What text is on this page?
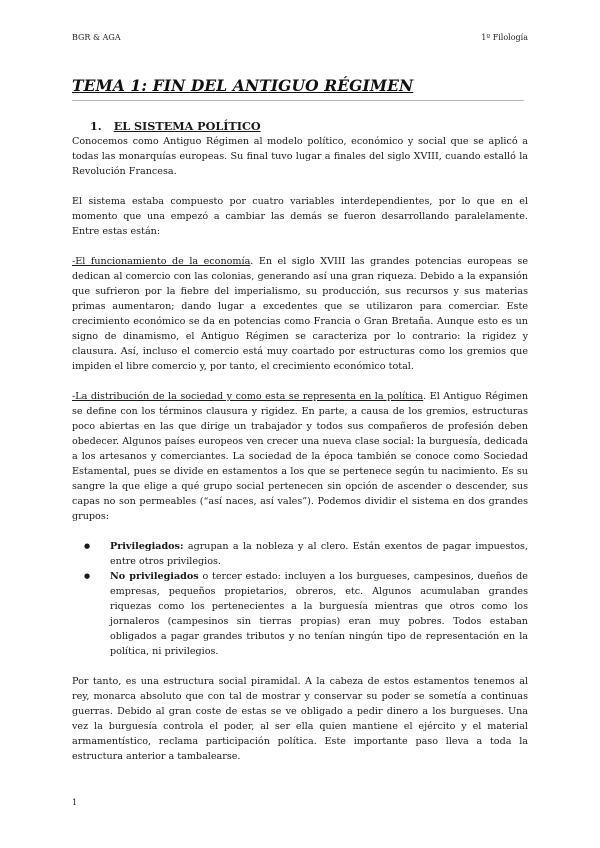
BGR & AGA	1º Filología
TEMA 1: FIN DEL ANTIGUO RÉGIMEN
1. EL SISTEMA POLÍTICO

Conocemos como Antiguo Régimen al modelo político, económico y social que se aplicó a todas las monarquías europeas. Su final tuvo lugar a finales del siglo XVIII, cuando estalló la Revolución Francesa.

El sistema estaba compuesto por cuatro variables interdependientes, por lo que en el momento que una empezó a cambiar las demás se fueron desarrollando paralelamente. Entre estas están:

-El funcionamiento de la economía. En el siglo XVIII las grandes potencias europeas se dedican al comercio con las colonias, generando así una gran riqueza. Debido a la expansión que sufrieron por la fiebre del imperialismo, su producción, sus recursos y sus materias primas aumentaron; dando lugar a excedentes que se utilizaron para comerciar. Este crecimiento económico se da en potencias como Francia o Gran Bretaña. Aunque esto es un signo de dinamismo, el Antiguo Régimen se caracteriza por lo contrario: la rigidez y clausura. Así, incluso el comercio está muy coartado por estructuras como los gremios que impiden el libre comercio y, por tanto, el crecimiento económico total.

-La distribución de la sociedad y como esta se representa en la política. El Antiguo Régimen se define con los términos clausura y rigidez. En parte, a causa de los gremios, estructuras poco abiertas en las que dirige un trabajador y todos sus compañeros de profesión deben obedecer. Algunos países europeos ven crecer una nueva clase social: la burguesía, dedicada a los artesanos y comerciantes. La sociedad de la época también se conoce como Sociedad Estamental, pues se divide en estamentos a los que se pertenece según tu nacimiento. Es su sangre la que elige a qué grupo social pertenecen sin opción de ascender o descender, sus capas no son permeables (“así naces, así vales”). Podemos dividir el sistema en dos grandes grupos:

● Privilegiados: agrupan a la nobleza y al clero. Están exentos de pagar impuestos, entre otros privilegios.
● No privilegiados o tercer estado: incluyen a los burgueses, campesinos, dueños de empresas, pequeños propietarios, obreros, etc. Algunos acumulaban grandes riquezas como los pertenecientes a la burguesía mientras que otros como los jornaleros (campesinos sin tierras propias) eran muy pobres. Todos estaban obligados a pagar grandes tributos y no tenían ningún tipo de representación en la política, ni privilegios.

Por tanto, es una estructura social piramidal. A la cabeza de estos estamentos tenemos al rey, monarca absoluto que con tal de mostrar y conservar su poder se sometía a continuas guerras. Debido al gran coste de estas se ve obligado a pedir dinero a los burgueses. Una vez la burguesía controla el poder, al ser ella quien mantiene el ejército y el material armamentístico, reclama participación política. Este importante paso lleva a toda la estructura anterior a tambalearse.

1
